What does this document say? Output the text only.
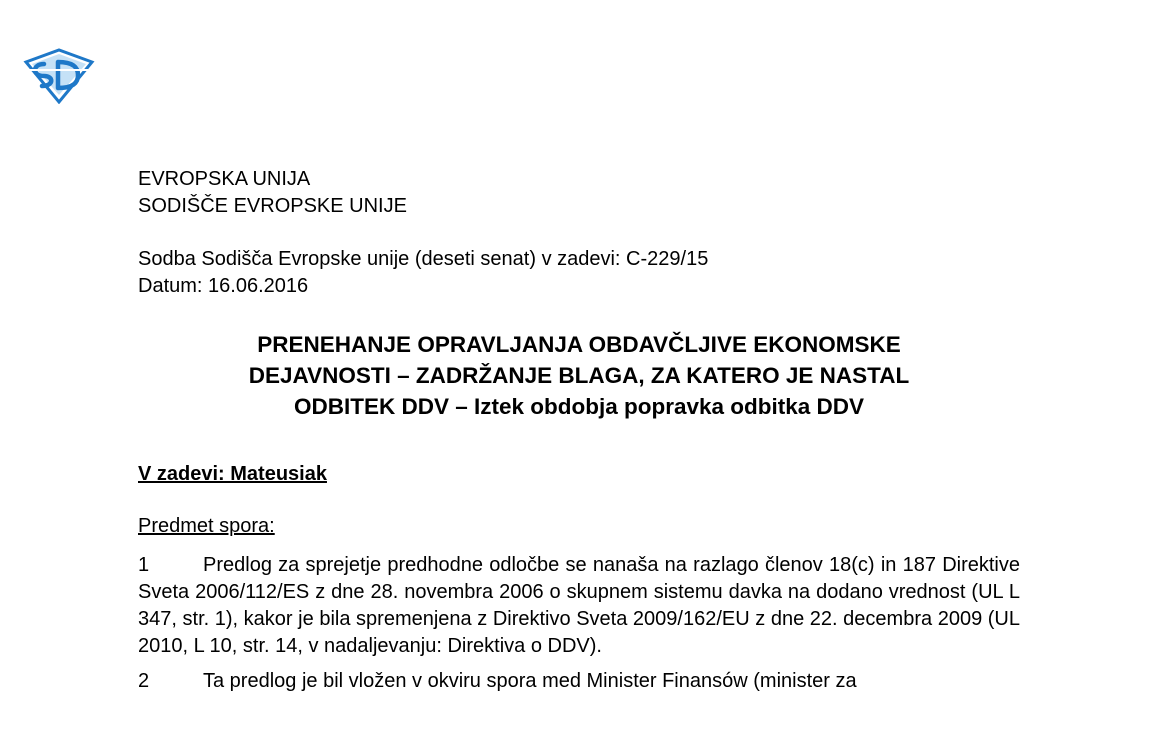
EVROPSKA UNIJA

SODIŠČE EVROPSKE UNIJE

Sodba Sodišča Evropske unije (deseti senat) v zadevi: C-229/15

Datum: 16.06.2016

PRENEHANJE OPRAVLJANJA OBDAVČLJIVE EKONOMSKE
DEJAVNOSTI – ZADRŽANJE BLAGA, ZA KATERO JE NASTAL
ODBITEK DDV – Iztek obdobja popravka odbitka DDV
V zadevi: Mateusiak
Predmet spora:
1	Predlog za sprejetje predhodne odločbe se nanaša na razlago členov 18(c) in 187 Direktive Sveta 2006/112/ES z dne 28. novembra 2006 o skupnem sistemu davka na dodano vrednost (UL L 347, str. 1), kakor je bila spremenjena z Direktivo Sveta 2009/162/EU z dne 22. decembra 2009 (UL 2010, L 10, str. 14, v nadaljevanju: Direktiva o DDV).
2	Ta predlog je bil vložen v okviru spora med Minister Finansów (minister za
